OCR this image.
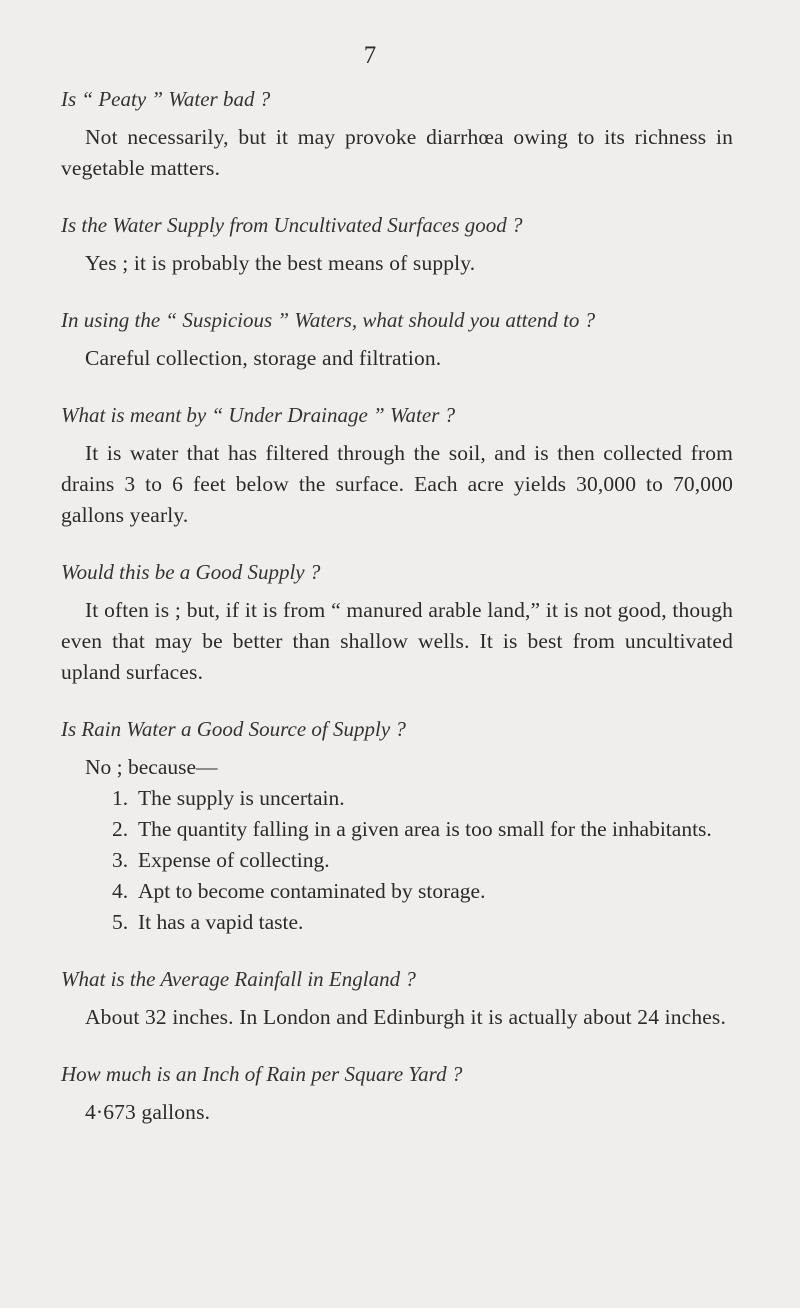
7

Is “ Peaty ” Water bad ?

Not necessarily, but it may provoke diarrhœa owing to its richness in vegetable matters.

Is the Water Supply from Uncultivated Surfaces good ?

Yes ; it is probably the best means of supply.

In using the “ Suspicious ” Waters, what should you attend to ?

Careful collection, storage and filtration.

What is meant by “ Under Drainage ” Water ?

It is water that has filtered through the soil, and is then collected from drains 3 to 6 feet below the surface. Each acre yields 30,000 to 70,000 gallons yearly.

Would this be a Good Supply ?

It often is ; but, if it is from “ manured arable land,” it is not good, though even that may be better than shallow wells. It is best from uncultivated upland surfaces.

Is Rain Water a Good Source of Supply ?

No ; because—

1. The supply is uncertain.
2. The quantity falling in a given area is too small for the inhabitants.
3. Expense of collecting.
4. Apt to become contaminated by storage.
5. It has a vapid taste.

What is the Average Rainfall in England ?

About 32 inches. In London and Edinburgh it is actually about 24 inches.

How much is an Inch of Rain per Square Yard ?

4·673 gallons.
